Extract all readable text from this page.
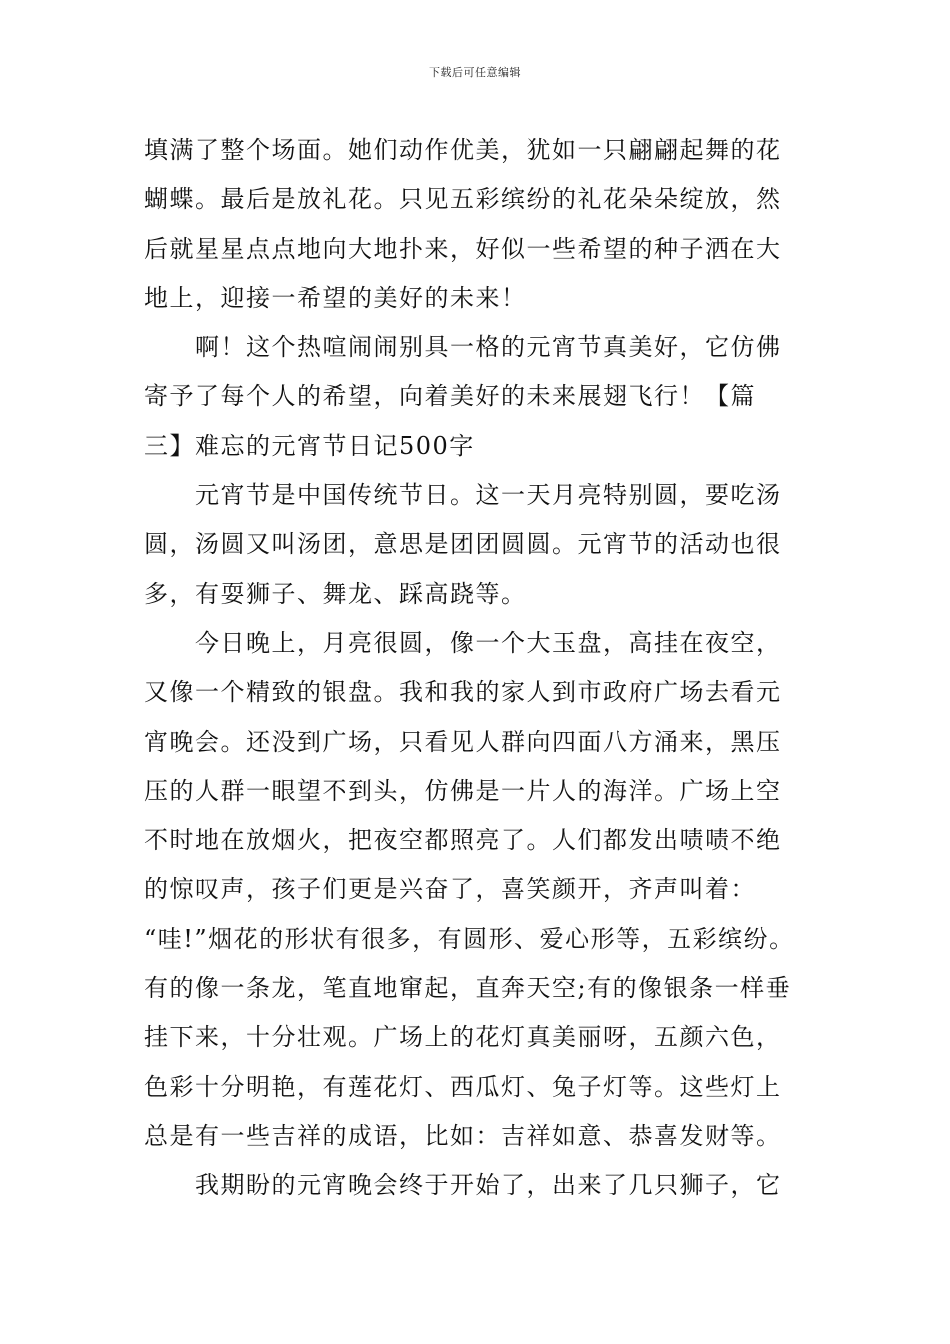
下载后可任意编辑
填满了整个场面。她们动作优美，犹如一只翩翩起舞的花
蝴蝶。最后是放礼花。只见五彩缤纷的礼花朵朵绽放，然
后就星星点点地向大地扑来，好似一些希望的种子洒在大
地上，迎接一希望的美好的未来！
　　啊！这个热喧闹闹别具一格的元宵节真美好，它仿佛
寄予了每个人的希望，向着美好的未来展翅飞行！【篇
三】难忘的元宵节日记500字
　　元宵节是中国传统节日。这一天月亮特别圆，要吃汤
圆，汤圆又叫汤团，意思是团团圆圆。元宵节的活动也很
多，有耍狮子、舞龙、踩高跷等。
　　今日晚上，月亮很圆，像一个大玉盘，高挂在夜空，
又像一个精致的银盘。我和我的家人到市政府广场去看元
宵晚会。还没到广场，只看见人群向四面八方涌来，黑压
压的人群一眼望不到头，仿佛是一片人的海洋。广场上空
不时地在放烟火，把夜空都照亮了。人们都发出啧啧不绝
的惊叹声，孩子们更是兴奋了，喜笑颜开，齐声叫着：
“哇!”烟花的形状有很多，有圆形、爱心形等，五彩缤纷。
有的像一条龙，笔直地窜起，直奔天空;有的像银条一样垂
挂下来，十分壮观。广场上的花灯真美丽呀，五颜六色，
色彩十分明艳，有莲花灯、西瓜灯、兔子灯等。这些灯上
总是有一些吉祥的成语，比如：吉祥如意、恭喜发财等。
　　我期盼的元宵晚会终于开始了，出来了几只狮子，它
